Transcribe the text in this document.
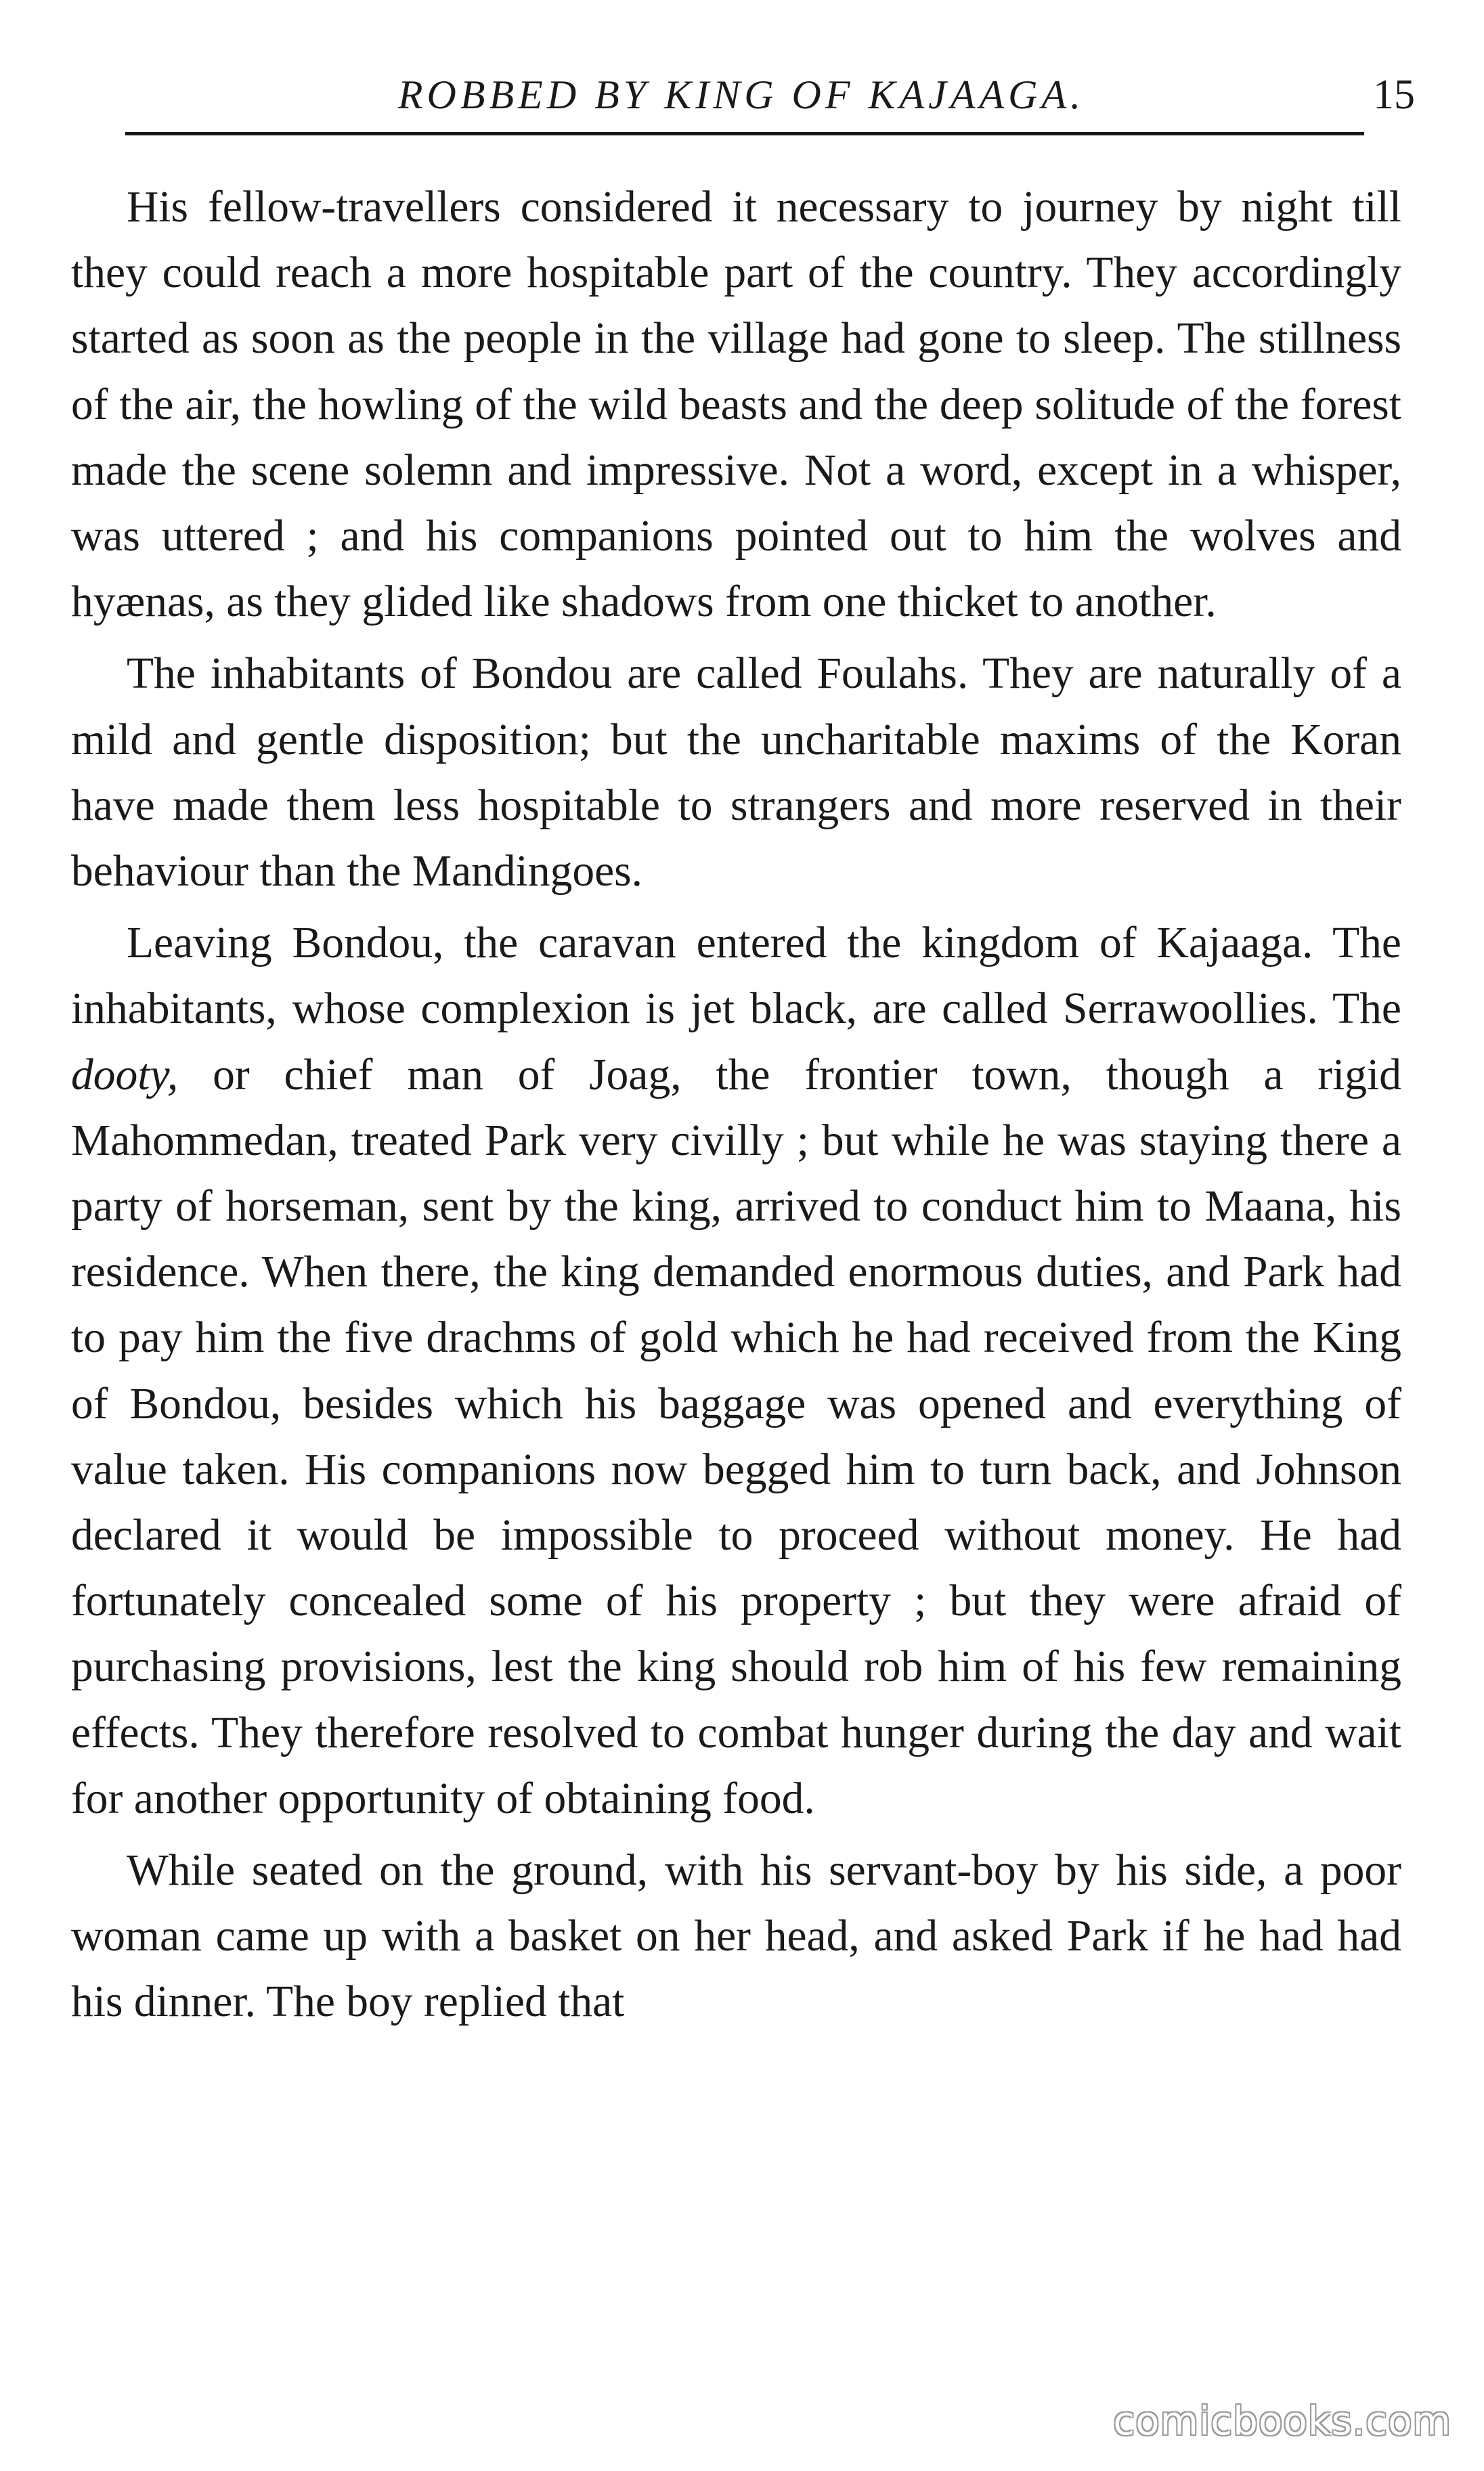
ROBBED BY KING OF KAJAAGA.	15

His fellow-travellers considered it necessary to journey by night till they could reach a more hospitable part of the country. They accordingly started as soon as the people in the village had gone to sleep. The stillness of the air, the howling of the wild beasts and the deep solitude of the forest made the scene solemn and impressive. Not a word, except in a whisper, was uttered ; and his companions pointed out to him the wolves and hyænas, as they glided like shadows from one thicket to another.

The inhabitants of Bondou are called Foulahs. They are naturally of a mild and gentle disposition; but the uncharitable maxims of the Koran have made them less hospitable to strangers and more reserved in their behaviour than the Mandingoes.

Leaving Bondou, the caravan entered the kingdom of Kajaaga. The inhabitants, whose complexion is jet black, are called Serrawoollies. The dooty, or chief man of Joag, the frontier town, though a rigid Mahommedan, treated Park very civilly ; but while he was staying there a party of horseman, sent by the king, arrived to conduct him to Maana, his residence. When there, the king demanded enormous duties, and Park had to pay him the five drachms of gold which he had received from the King of Bondou, besides which his baggage was opened and everything of value taken. His companions now begged him to turn back, and Johnson declared it would be impossible to proceed without money. He had fortunately concealed some of his property ; but they were afraid of purchasing provisions, lest the king should rob him of his few remaining effects. They therefore resolved to combat hunger during the day and wait for another opportunity of obtaining food.

While seated on the ground, with his servant-boy by his side, a poor woman came up with a basket on her head, and asked Park if he had had his dinner. The boy replied that

comicbooks.com
